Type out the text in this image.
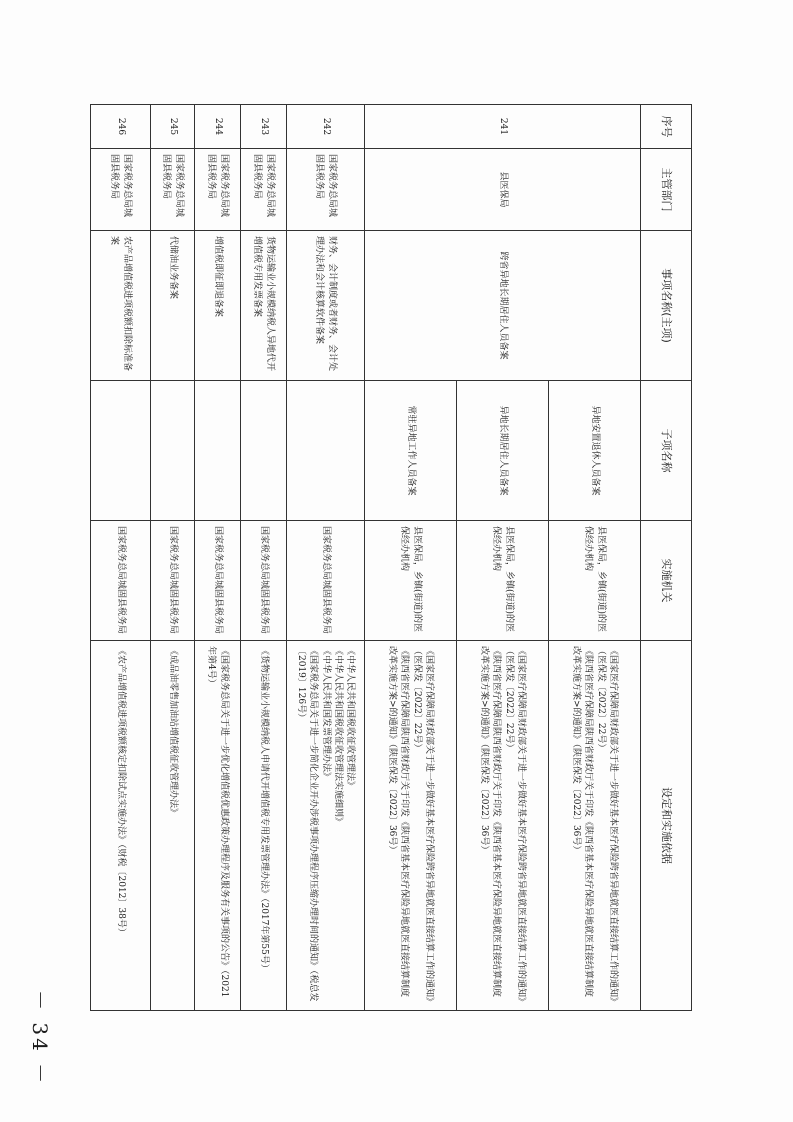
序号	主管部门	事项名称(主项)	子项名称	实施机关	设定和实施依据
241	县医保局	跨省异地长期居住人员备案	异地安置退休人员备案	县医保局，乡镇(街道)的医保经办机构	《国家医疗保障局财政部关于进一步做好基本医疗保险跨省异地就医直接结算工作的通知》（医保发〔2022〕22号）
《陕西省医疗保障局陕西省财政厅关于印发《陕西省基本医疗保险异地就医直接结算制度改革实施方案>的通知》（陕医保发〔2022〕36号）

			异地长期居住人员备案	县医保局，乡镇(街道)的医保经办机构	《国家医疗保障局财政部关于进一步做好基本医疗保险跨省异地就医直接结算工作的通知》（医保发〔2022〕22号）
《陕西省医疗保障局陕西省财政厅关于印发《陕西省基本医疗保险异地就医直接结算制度改革实施方案>的通知》（陕医保发〔2022〕36号）

			常驻异地工作人员备案	县医保局，乡镇(街道)的医保经办机构	《国家医疗保障局财政部关于进一步做好基本医疗保险跨省异地就医直接结算工作的通知》（医保发〔2022〕22号）
《陕西省医疗保障局陕西省财政厅关于印发《陕西省基本医疗保险异地就医直接结算制度改革实施方案>的通知》（陕医保发〔2022〕36号）

242	国家税务总局城固县税务局	财务、会计制度或者财务、会计处理办法和会计核算软件备案		国家税务总局城固县税务局	《中华人民共和国税收征收管理法》
《中华人民共和国税收征收管理法实施细则》
《中华人民共和国发票管理办法》
《国家税务总局关于进一步简化企业开办涉税事项办理程序压缩办理时间的通知》（税总发〔2019〕126号）

243	国家税务总局城固县税务局	货物运输业小规模纳税人异地代开增值税专用发票备案		国家税务总局城固县税务局	《货物运输业小规模纳税人申请代开增值税专用发票管理办法》（2017年第55号）

244	国家税务总局城固县税务局	增值税即征即退备案		国家税务总局城固县税务局	《国家税务总局关于进一步优化增值税优惠政策办理程序及服务有关事项的公告》（2021年第4号）

245	国家税务总局城固县税务局	代储油业务备案		国家税务总局城固县税务局	《成品油零售加油站增值税征收管理办法》

246	国家税务总局城固县税务局	农产品增值税进项税额扣除标准备案		国家税务总局城固县税务局	《农产品增值税进项税额核定扣除试点实施办法》（财税〔2012〕38号）
－ 34 －
